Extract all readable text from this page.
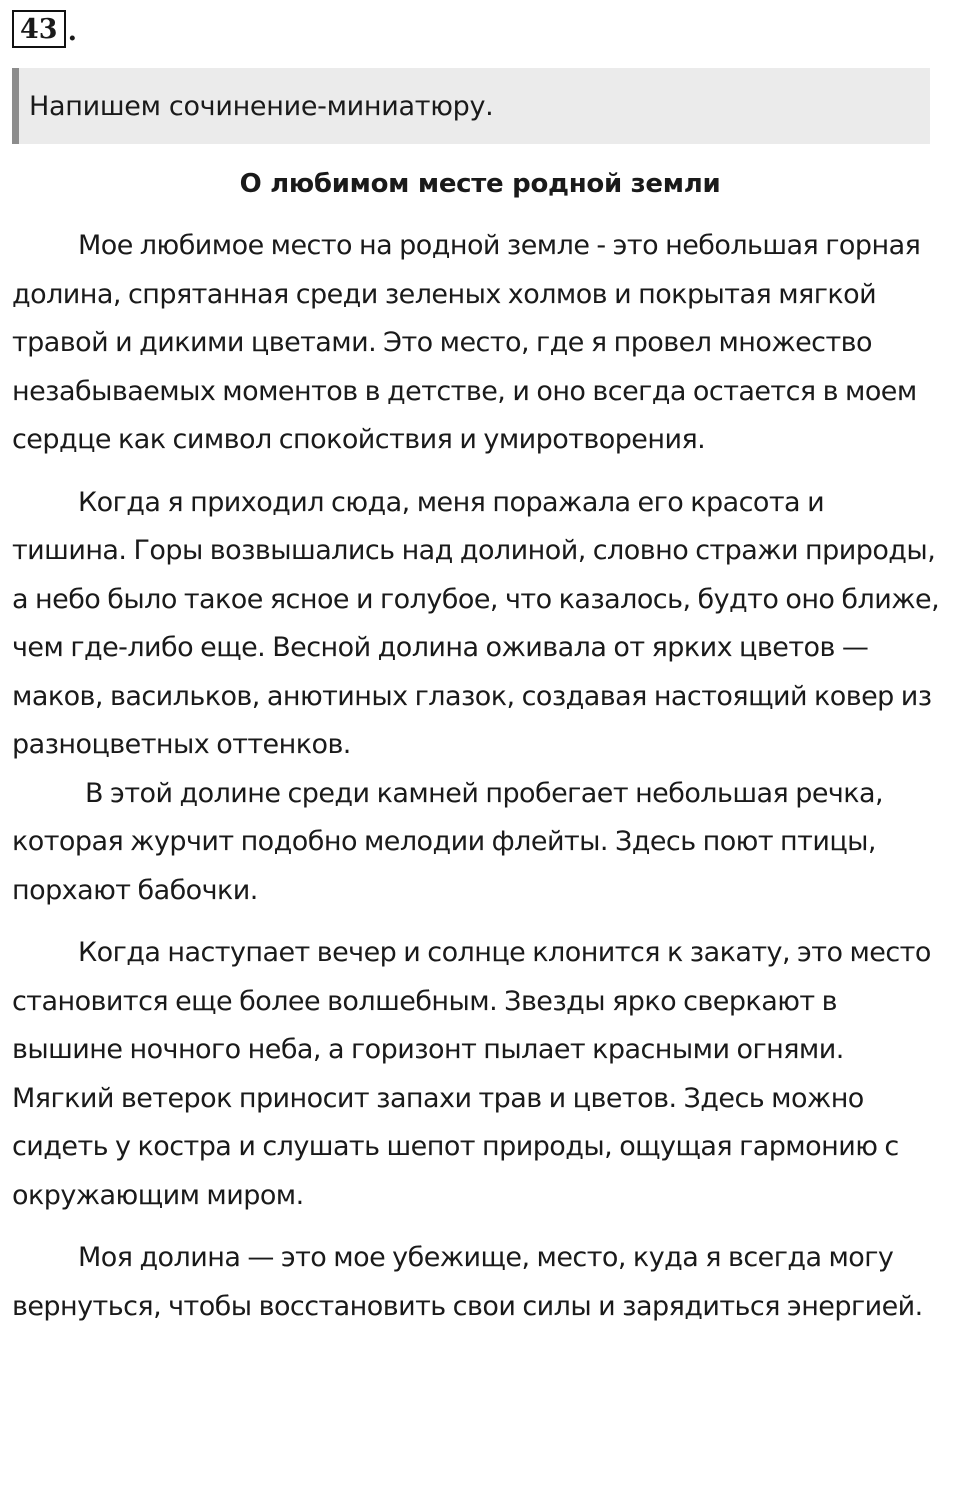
43 .
Напишем сочинение-миниатюру.
О любимом месте родной земли

Мое любимое место на родной земле - это небольшая горная долина, спрятанная среди зеленых холмов и покрытая мягкой травой и дикими цветами. Это место, где я провел множество незабываемых моментов в детстве, и оно всегда остается в моем сердце как символ спокойствия и умиротворения.

Когда я приходил сюда, меня поражала его красота и тишина. Горы возвышались над долиной, словно стражи природы, а небо было такое ясное и голубое, что казалось, будто оно ближе, чем где-либо еще. Весной долина оживала от ярких цветов — маков, васильков, анютиных глазок, создавая настоящий ковер из разноцветных оттенков.

В этой долине среди камней пробегает небольшая речка, которая журчит подобно мелодии флейты. Здесь поют птицы, порхают бабочки.

Когда наступает вечер и солнце клонится к закату, это место становится еще более волшебным. Звезды ярко сверкают в вышине ночного неба, а горизонт пылает красными огнями. Мягкий ветерок приносит запахи трав и цветов. Здесь можно сидеть у костра и слушать шепот природы, ощущая гармонию с окружающим миром.

Моя долина — это мое убежище, место, куда я всегда могу вернуться, чтобы восстановить свои силы и зарядиться энергией.
